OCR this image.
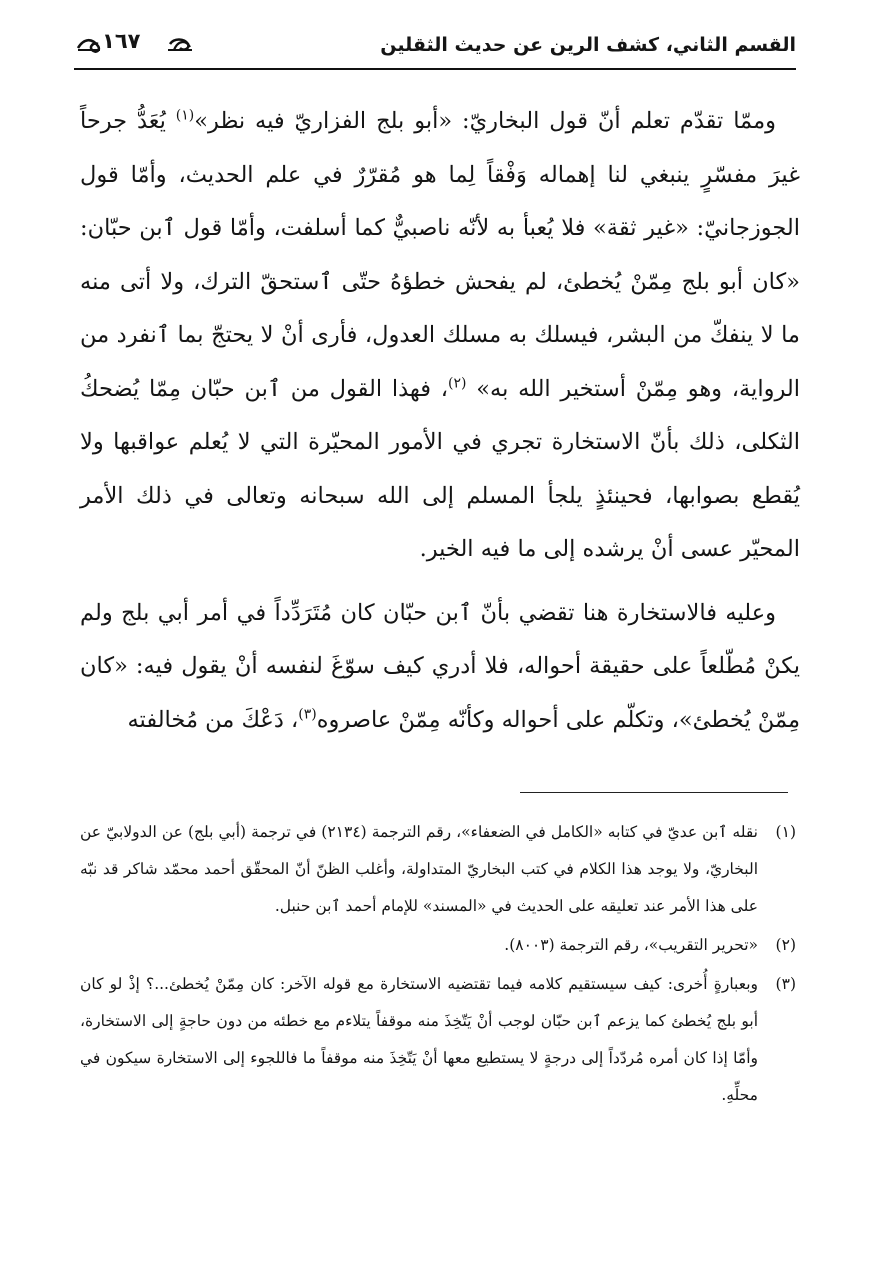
القسم الثاني، كشف الرين عن حديث الثقلين
١٦٧

وممّا تقدّم تعلم أنّ قول البخاريّ: «أبو بلج الفزاريّ فيه نظر»$^{(١)}$ يُعَدُّ جرحاً غيرَ مفسّرٍ ينبغي لنا إهماله وَفْقاً لِما هو مُقرّرٌ في علم الحديث، وأمّا قول الجوزجانيّ: «غير ثقة» فلا يُعبأ به لأنّه ناصبيٌّ كما أسلفت، وأمّا قول ٱبن حبّان: «كان أبو بلج مِمّنْ يُخطئ، لم يفحش خطؤهُ حتّى ٱستحقّ الترك، ولا أتى منه ما لا ينفكّ من البشر، فيسلك به مسلك العدول، فأرى أنْ لا يحتجّ بما ٱنفرد من الرواية، وهو مِمّنْ أستخير الله به» $^{(٢)}$، فهذا القول من ٱبن حبّان مِمّا يُضحكُ الثكلى، ذلك بأنّ الاستخارة تجري في الأمور المحيّرة التي لا يُعلم عواقبها ولا يُقطع بصوابها، فحينئذٍ يلجأ المسلم إلى الله سبحانه وتعالى في ذلك الأمر المحيّر عسى أنْ يرشده إلى ما فيه الخير.

وعليه فالاستخارة هنا تقضي بأنّ ٱبن حبّان كان مُتَرَدِّداً في أمر أبي بلج ولم يكنْ مُطّلعاً على حقيقة أحواله، فلا أدري كيف سوّغَ لنفسه أنْ يقول فيه: «كان مِمّنْ يُخطئ»، وتكلّم على أحواله وكأنّه مِمّنْ عاصروه$^{(٣)}$، دَعْكَ من مُخالفته

(١)
نقله ٱبن عديّ في كتابه «الكامل في الضعفاء»، رقم الترجمة (٢١٣٤) في ترجمة (أبي بلج) عن الدولابيّ عن البخاريّ، ولا يوجد هذا الكلام في كتب البخاريّ المتداولة، وأغلب الظنّ أنّ المحقّق أحمد محمّد شاكر قد نبّه على هذا الأمر عند تعليقه على الحديث في «المسند» للإمام أحمد ٱبن حنبل.
(٢)
«تحرير التقريب»، رقم الترجمة (٨٠٠٣).
(٣)
وبعبارةٍ أُخرى: كيف سيستقيم كلامه فيما تقتضيه الاستخارة مع قوله الآخر: كان مِمّنْ يُخطئ...؟ إذْ لو كان أبو بلج يُخطئ كما يزعم ٱبن حبّان لوجب أنْ يَتّخِذَ منه موقفاً يتلاءم مع خطئه من دون حاجةٍ إلى الاستخارة، وأمّا إذا كان أمره مُردّداً إلى درجةٍ لا يستطيع معها أنْ يَتّخِذَ منه موقفاً ما فاللجوء إلى الاستخارة سيكون في محلِّهِ.
